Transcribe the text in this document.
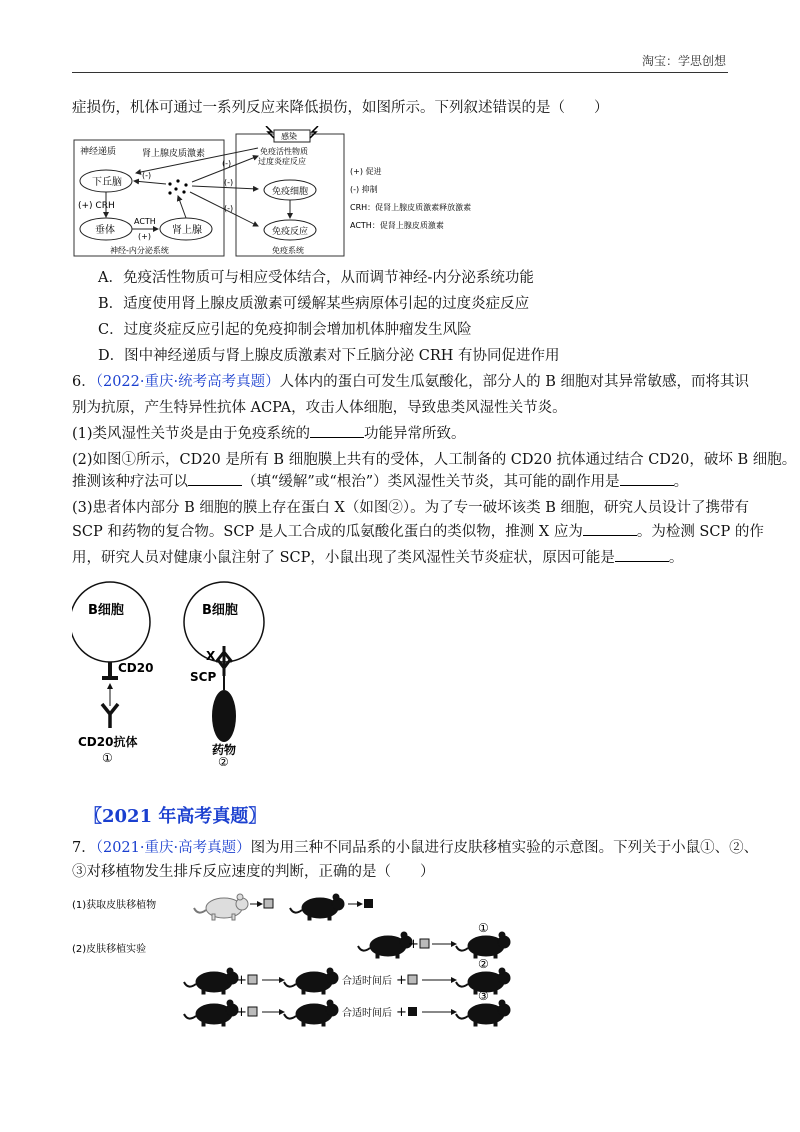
淘宝：学思创想
症损伤，机体可通过一系列反应来降低损伤，如图所示。下列叙述错误的是（　　）
神经递质
下丘脑
垂体	肾上腺
(+) CRH
ACTH
(+)
肾上腺皮质激素
(-)
(-)
(-)
(-)
感染
免疫活性物质
过度炎症反应
免疫细胞
免疫反应
神经-内分泌系统	免疫系统
(+) 促进
(-) 抑制
CRH：促肾上腺皮质激素释放激素
ACTH：促肾上腺皮质激素
A．免疫活性物质可与相应受体结合，从而调节神经-内分泌系统功能
B．适度使用肾上腺皮质激素可缓解某些病原体引起的过度炎症反应
C．过度炎症反应引起的免疫抑制会增加机体肿瘤发生风险
D．图中神经递质与肾上腺皮质激素对下丘脑分泌 CRH 有协同促进作用
6．（2022·重庆·统考高考真题）人体内的蛋白可发生瓜氨酸化，部分人的 B 细胞对其异常敏感，而将其识
别为抗原，产生特异性抗体 ACPA，攻击人体细胞，导致患类风湿性关节炎。
(1)类风湿性关节炎是由于免疫系统的	功能异常所致。
(2)如图①所示，CD20 是所有 B 细胞膜上共有的受体，人工制备的 CD20 抗体通过结合 CD20，破坏 B 细胞。
推测该种疗法可以	（填“缓解”或“根治”）类风湿性关节炎，其可能的副作用是	。
(3)患者体内部分 B 细胞的膜上存在蛋白 X（如图②）。为了专一破坏该类 B 细胞，研究人员设计了携带有
SCP 和药物的复合物。SCP 是人工合成的瓜氨酸化蛋白的类似物，推测 X 应为	。为检测 SCP 的作
用，研究人员对健康小鼠注射了 SCP，小鼠出现了类风湿性关节炎症状，原因可能是	。
B细胞
CD20
CD20抗体
①
B细胞
X
SCP
药物
②
〖2021 年高考真题〗
7．（2021·重庆·高考真题）图为用三种不同品系的小鼠进行皮肤移植实验的示意图。下列关于小鼠①、②、
③对移植物发生排斥反应速度的判断，正确的是（　　）
(1)获取皮肤移植物
(2)皮肤移植实验	+
①
+	合适时间后 +
②
+	合适时间后 +
③
